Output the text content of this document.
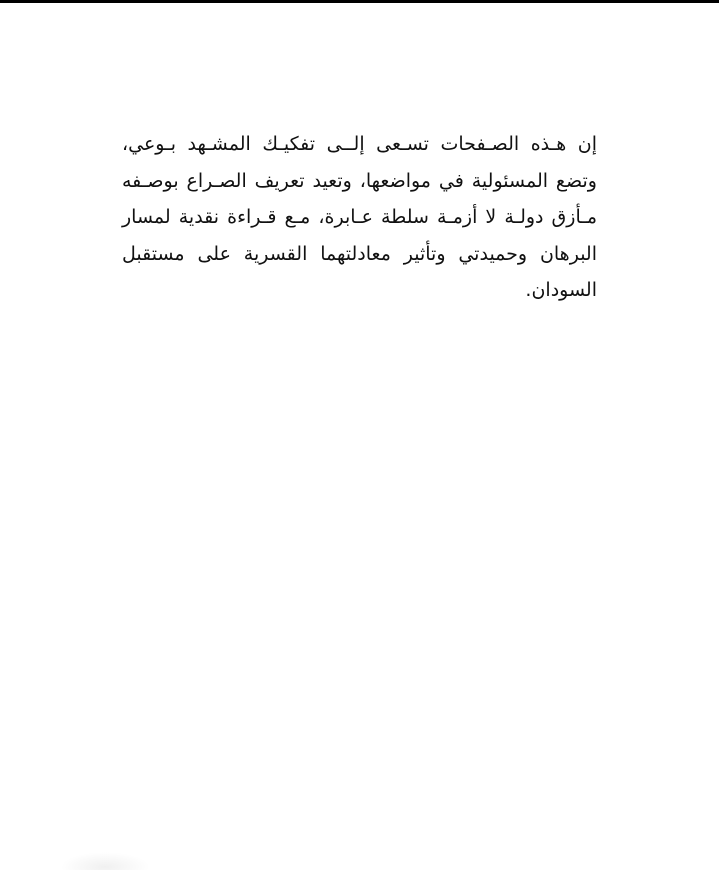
إن هـذه الصـفحات تسـعى إلــى تفكيـك المشـهد بـوعي، وتضع المسئولية في مواضعها، وتعيد تعريف الصـراع بوصـفه مـأزق دولـة لا أزمـة سلطة عـابرة، مـع قـراءة نقدية لمسار البرهان وحميدتي وتأثير معادلتهما القسرية على مستقبل السودان.
